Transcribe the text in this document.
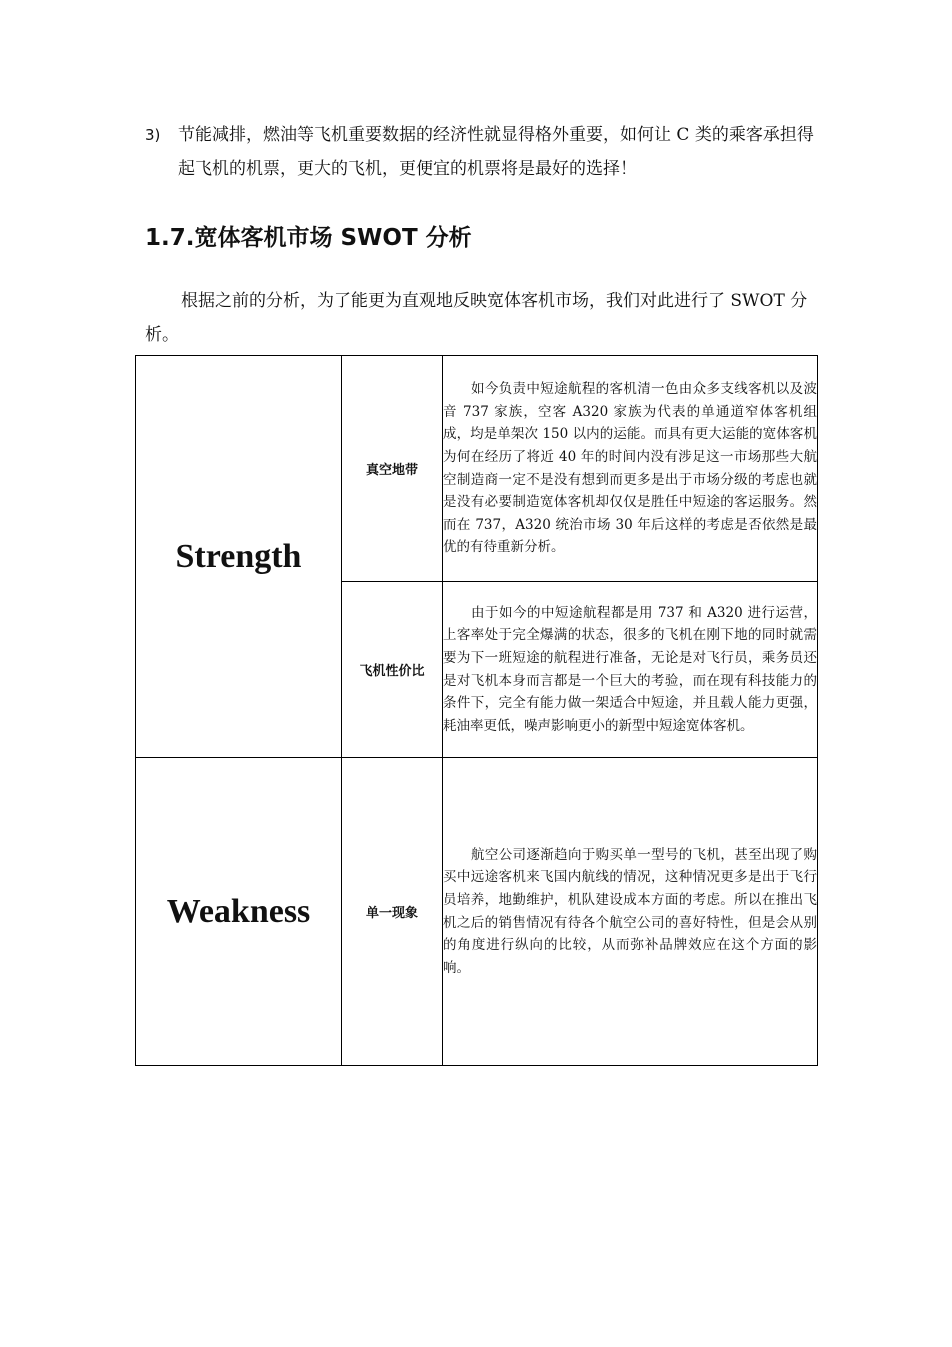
3) 节能减排，燃油等飞机重要数据的经济性就显得格外重要，如何让 C 类的乘客承担得起飞机的机票，更大的飞机，更便宜的机票将是最好的选择！
1.7.宽体客机市场 SWOT 分析

根据之前的分析，为了能更为直观地反映宽体客机市场，我们对此进行了 SWOT 分析。

Strength	真空地带	如今负责中短途航程的客机清一色由众多支线客机以及波音 737 家族，空客 A320 家族为代表的单通道窄体客机组成，均是单架次 150 以内的运能。而具有更大运能的宽体客机为何在经历了将近 40 年的时间内没有涉足这一市场那些大航空制造商一定不是没有想到而更多是出于市场分级的考虑也就是没有必要制造宽体客机却仅仅是胜任中短途的客运服务。然而在 737，A320 统治市场 30 年后这样的考虑是否依然是最优的有待重新分析。
	飞机性价比	由于如今的中短途航程都是用 737 和 A320 进行运营，上客率处于完全爆满的状态，很多的飞机在刚下地的同时就需要为下一班短途的航程进行准备，无论是对飞行员，乘务员还是对飞机本身而言都是一个巨大的考验，而在现有科技能力的条件下，完全有能力做一架适合中短途，并且载人能力更强，耗油率更低，噪声影响更小的新型中短途宽体客机。
Weakness	单一现象	航空公司逐渐趋向于购买单一型号的飞机，甚至出现了购买中远途客机来飞国内航线的情况，这种情况更多是出于飞行员培养，地勤维护，机队建设成本方面的考虑。所以在推出飞机之后的销售情况有待各个航空公司的喜好特性，但是会从别的角度进行纵向的比较，从而弥补品牌效应在这个方面的影响。
